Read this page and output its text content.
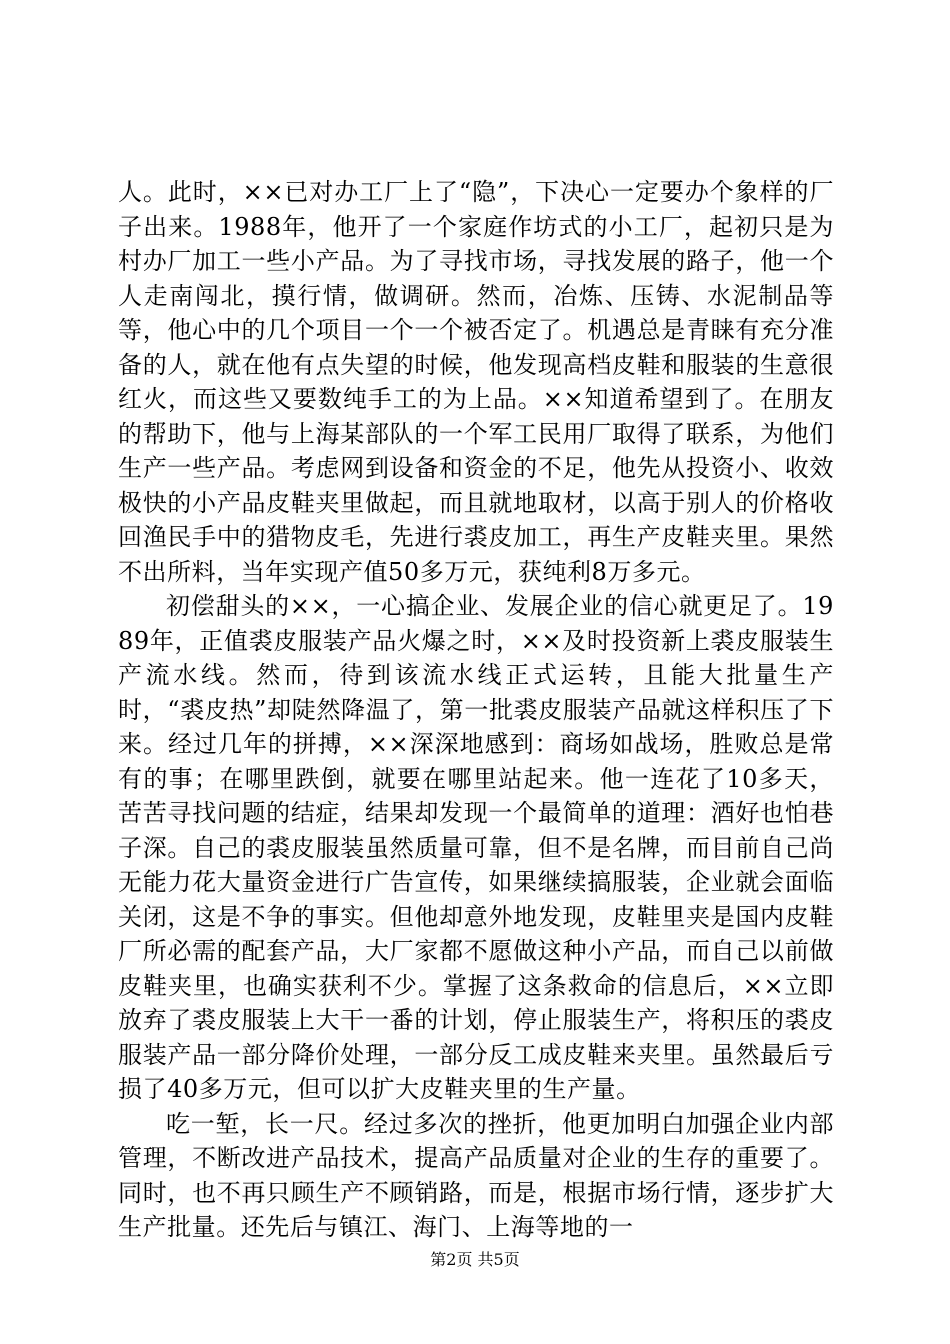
人。此时，××已对办工厂上了“隐”，下决心一定要办个象样的厂子出来。1988年，他开了一个家庭作坊式的小工厂，起初只是为村办厂加工一些小产品。为了寻找市场，寻找发展的路子，他一个人走南闯北，摸行情，做调研。然而，冶炼、压铸、水泥制品等等，他心中的几个项目一个一个被否定了。机遇总是青睐有充分准备的人，就在他有点失望的时候，他发现高档皮鞋和服装的生意很红火，而这些又要数纯手工的为上品。××知道希望到了。在朋友的帮助下，他与上海某部队的一个军工民用厂取得了联系，为他们生产一些产品。考虑网到设备和资金的不足，他先从投资小、收效极快的小产品皮鞋夹里做起，而且就地取材，以高于别人的价格收回渔民手中的猎物皮毛，先进行裘皮加工，再生产皮鞋夹里。果然不出所料，当年实现产值50多万元，获纯利8万多元。

初偿甜头的××，一心搞企业、发展企业的信心就更足了。1989年，正值裘皮服装产品火爆之时，××及时投资新上裘皮服装生产流水线。然而，待到该流水线正式运转，且能大批量生产时，“裘皮热”却陡然降温了，第一批裘皮服装产品就这样积压了下来。经过几年的拼搏，××深深地感到：商场如战场，胜败总是常有的事；在哪里跌倒，就要在哪里站起来。他一连花了10多天，苦苦寻找问题的结症，结果却发现一个最简单的道理：酒好也怕巷子深。自己的裘皮服装虽然质量可靠，但不是名牌，而目前自己尚无能力花大量资金进行广告宣传，如果继续搞服装，企业就会面临关闭，这是不争的事实。但他却意外地发现，皮鞋里夹是国内皮鞋厂所必需的配套产品，大厂家都不愿做这种小产品，而自己以前做皮鞋夹里，也确实获利不少。掌握了这条救命的信息后，××立即放弃了裘皮服装上大干一番的计划，停止服装生产，将积压的裘皮服装产品一部分降价处理，一部分反工成皮鞋来夹里。虽然最后亏损了40多万元，但可以扩大皮鞋夹里的生产量。

吃一堑，长一尺。经过多次的挫折，他更加明白加强企业内部管理，不断改进产品技术，提高产品质量对企业的生存的重要了。同时，也不再只顾生产不顾销路，而是，根据市场行情，逐步扩大生产批量。还先后与镇江、海门、上海等地的一

第2页 共5页
